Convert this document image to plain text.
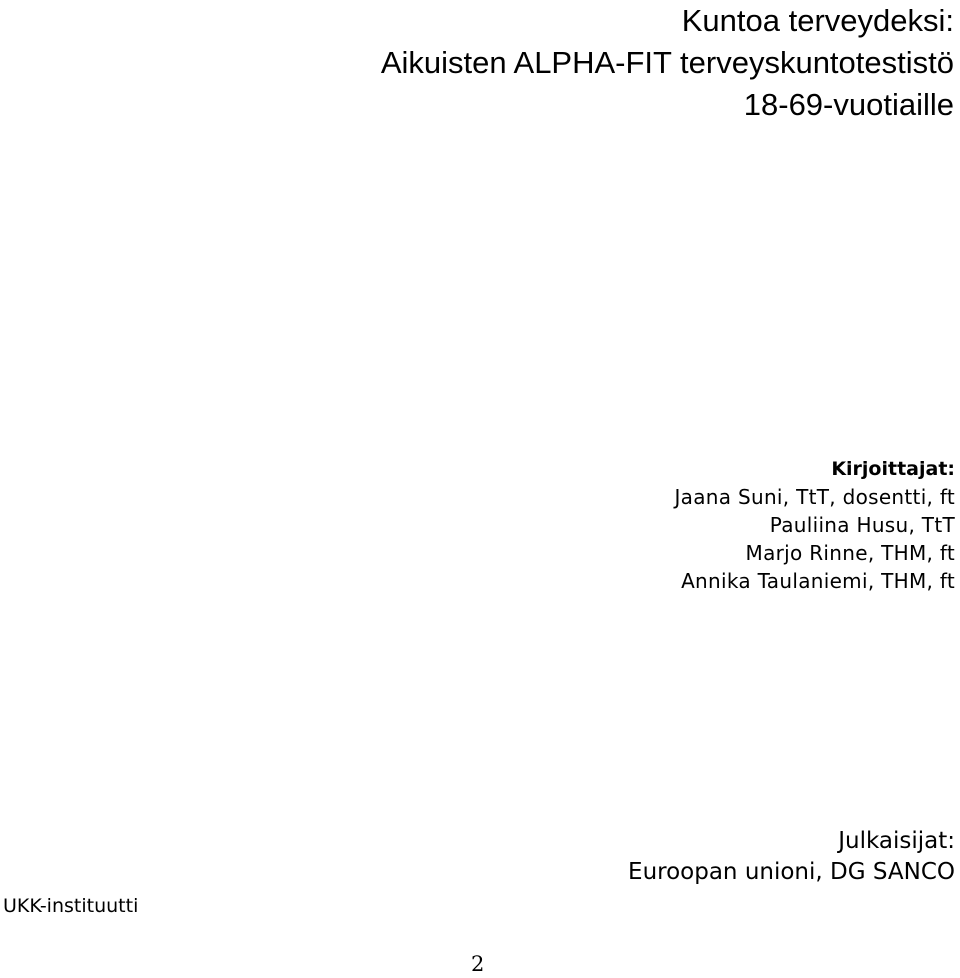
Kuntoa terveydeksi:
Aikuisten ALPHA-FIT terveyskuntotestistö
18-69-vuotiaille
Kirjoittajat:
Jaana Suni, TtT, dosentti, ft
Pauliina Husu, TtT
Marjo Rinne, THM, ft
Annika Taulaniemi, THM, ft
Julkaisijat:
Euroopan unioni, DG SANCO
UKK-instituutti
2
